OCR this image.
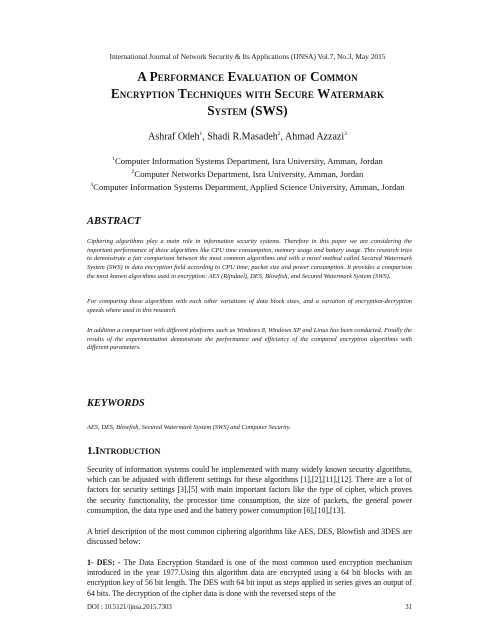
International Journal of Network Security & Its Applications (IJNSA) Vol.7, No.3, May 2015
A Performance Evaluation of Common
Encryption Techniques with Secure Watermark
System (SWS)
Ashraf Odeh$^1$, Shadi R.Masadeh$^2$, Ahmad Azzazi$^3$
$^1$Computer Information Systems Department, Isra University, Amman, Jordan
$^2$Computer Networks Department, Isra University, Amman, Jordan
$^3$Computer Information Systems Department, Applied Science University, Amman, Jordan
ABSTRACT
Ciphering algorithms play a main role in information security systems. Therefore in this paper we are considering the important performance of these algorithms like CPU time consumption, memory usage and battery usage. This research tries to demonstrate a fair comparison between the most common algorithms and with a novel method called Secured Watermark System (SWS) in data encryption field according to CPU time, packet size and power consumption. It provides a comparison the most known algorithms used in encryption: AES (Rijndael), DES, Blowfish, and Secured Watermark System (SWS).
For comparing these algorithms with each other variations of data block sizes, and a variation of encryption-decryption speeds where used in this research.
In addition a comparison with different platforms such as Windows 8, Windows XP and Linux has been conducted. Finally the results of the experimentation demonstrate the performance and efficiency of the compared encryption algorithms with different parameters.
KEYWORDS
AES, DES, Blowfish, Secured Watermark System (SWS) and Computer Security.
1.Introduction
Security of information systems could be implemented with many widely known security algorithms, which can be adjusted with different settings for these algorithms [1],[2],[11],[12]. There are a lot of factors for security settings [3],[5] with main important factors like the type of cipher, which proves the security functionality, the processor time consumption, the size of packets, the general power consumption, the data type used and the battery power consumption [6],[10],[13].
A brief description of the most common ciphering algorithms like AES, DES, Blowfish and 3DES are discussed below:
1- DES: - The Data Encryption Standard is one of the most common used encryption mechanism introduced in the year 1977.Using this algorithm data are encrypted using a 64 bit blocks with an encryption key of 56 bit length. The DES with 64 bit input as steps applied in series gives an output of 64 bits. The decryption of the cipher data is done with the reversed steps of the
DOI : 10.5121/ijnsa.2015.7303	31
